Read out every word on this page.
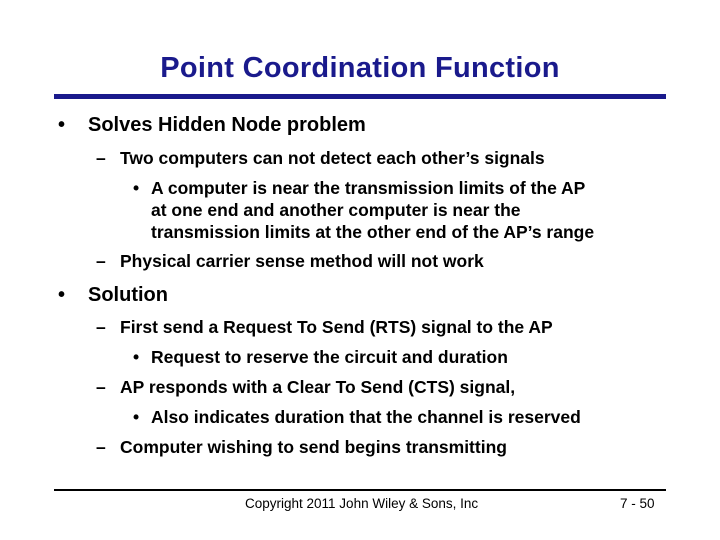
Point Coordination Function
• Solves Hidden Node problem
– Two computers can not detect each other’s signals
• A computer is near the transmission limits of the AP
at one end and another computer is near the
transmission limits at the other end of the AP’s range
– Physical carrier sense method will not work
• Solution
– First send a Request To Send (RTS) signal to the AP
• Request to reserve the circuit and duration
– AP responds with a Clear To Send (CTS) signal,
• Also indicates duration that the channel is reserved
– Computer wishing to send begins transmitting
Copyright 2011 John Wiley & Sons, Inc	7 - 50
